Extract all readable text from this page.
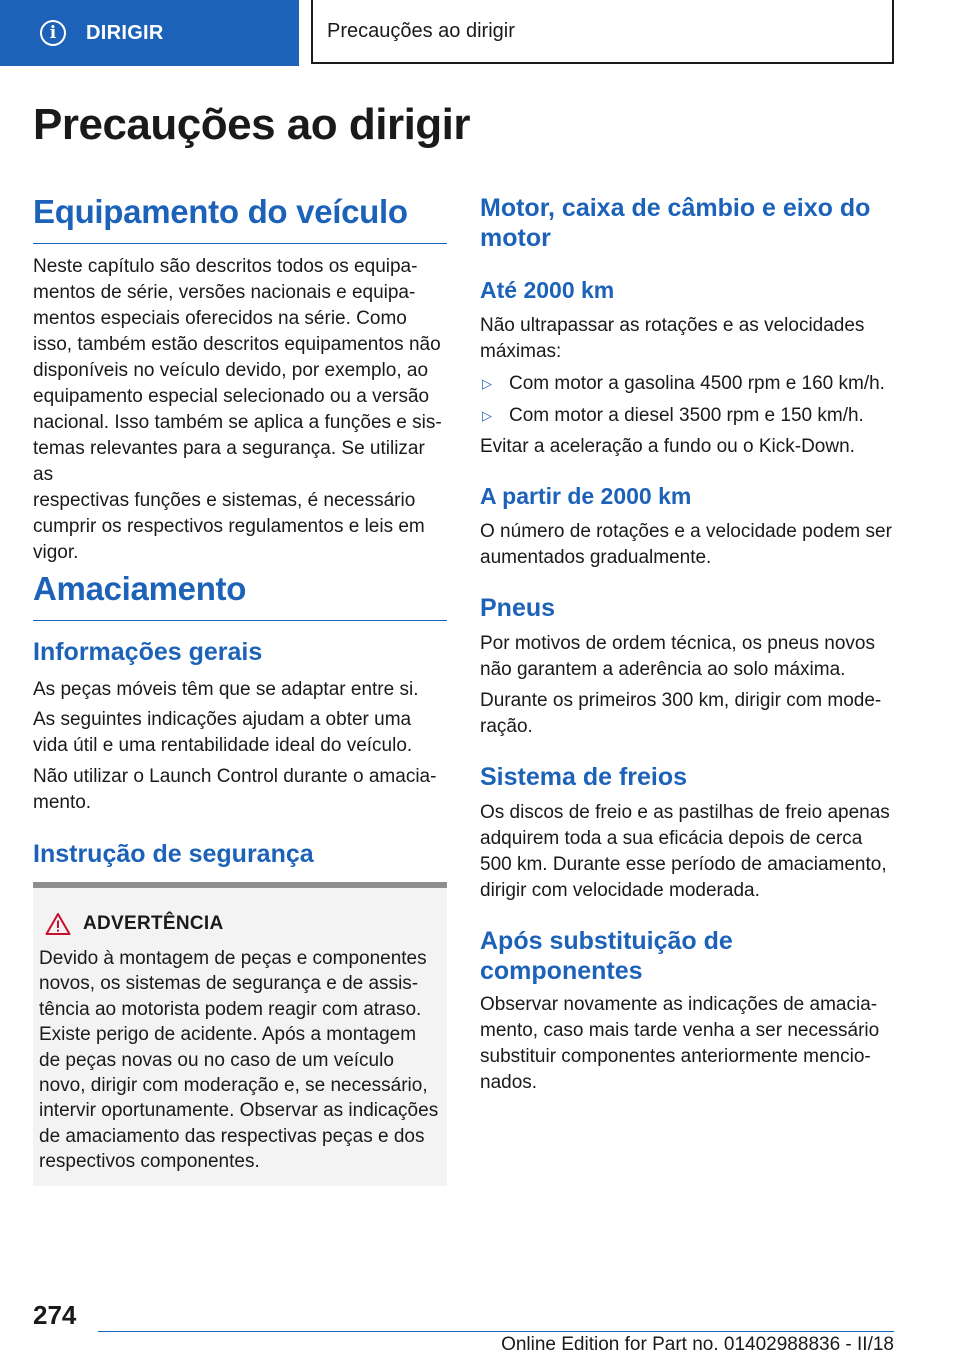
i	DIRIGIR	Precauções ao dirigir
Precauções ao dirigir
Equipamento do veículo

Neste capítulo são descritos todos os equipa-
mentos de série, versões nacionais e equipa-
mentos especiais oferecidos na série. Como
isso, também estão descritos equipamentos não
disponíveis no veículo devido, por exemplo, ao
equipamento especial selecionado ou a versão
nacional. Isso também se aplica a funções e sis-
temas relevantes para a segurança. Se utilizar as
respectivas funções e sistemas, é necessário
cumprir os respectivos regulamentos e leis em
vigor.

Amaciamento
Informações gerais

As peças móveis têm que se adaptar entre si.

As seguintes indicações ajudam a obter uma
vida útil e uma rentabilidade ideal do veículo.

Não utilizar o Launch Control durante o amacia-
mento.

Instrução de segurança
ADVERTÊNCIA

Devido à montagem de peças e componentes
novos, os sistemas de segurança e de assis-
tência ao motorista podem reagir com atraso.
Existe perigo de acidente. Após a montagem
de peças novas ou no caso de um veículo
novo, dirigir com moderação e, se necessário,
intervir oportunamente. Observar as indicações
de amaciamento das respectivas peças e dos
respectivos componentes.

Motor, caixa de câmbio e eixo do
motor
Até 2000 km

Não ultrapassar as rotações e as velocidades
máximas:

▷ Com motor a gasolina 4500 rpm e 160 km/h.
▷ Com motor a diesel 3500 rpm e 150 km/h.

Evitar a aceleração a fundo ou o Kick-Down.

A partir de 2000 km

O número de rotações e a velocidade podem ser
aumentados gradualmente.

Pneus

Por motivos de ordem técnica, os pneus novos
não garantem a aderência ao solo máxima.

Durante os primeiros 300 km, dirigir com mode-
ração.

Sistema de freios

Os discos de freio e as pastilhas de freio apenas
adquirem toda a sua eficácia depois de cerca
500 km. Durante esse período de amaciamento,
dirigir com velocidade moderada.

Após substituição de
componentes

Observar novamente as indicações de amacia-
mento, caso mais tarde venha a ser necessário
substituir componentes anteriormente mencio-
nados.

274
Online Edition for Part no. 01402988836 - II/18
